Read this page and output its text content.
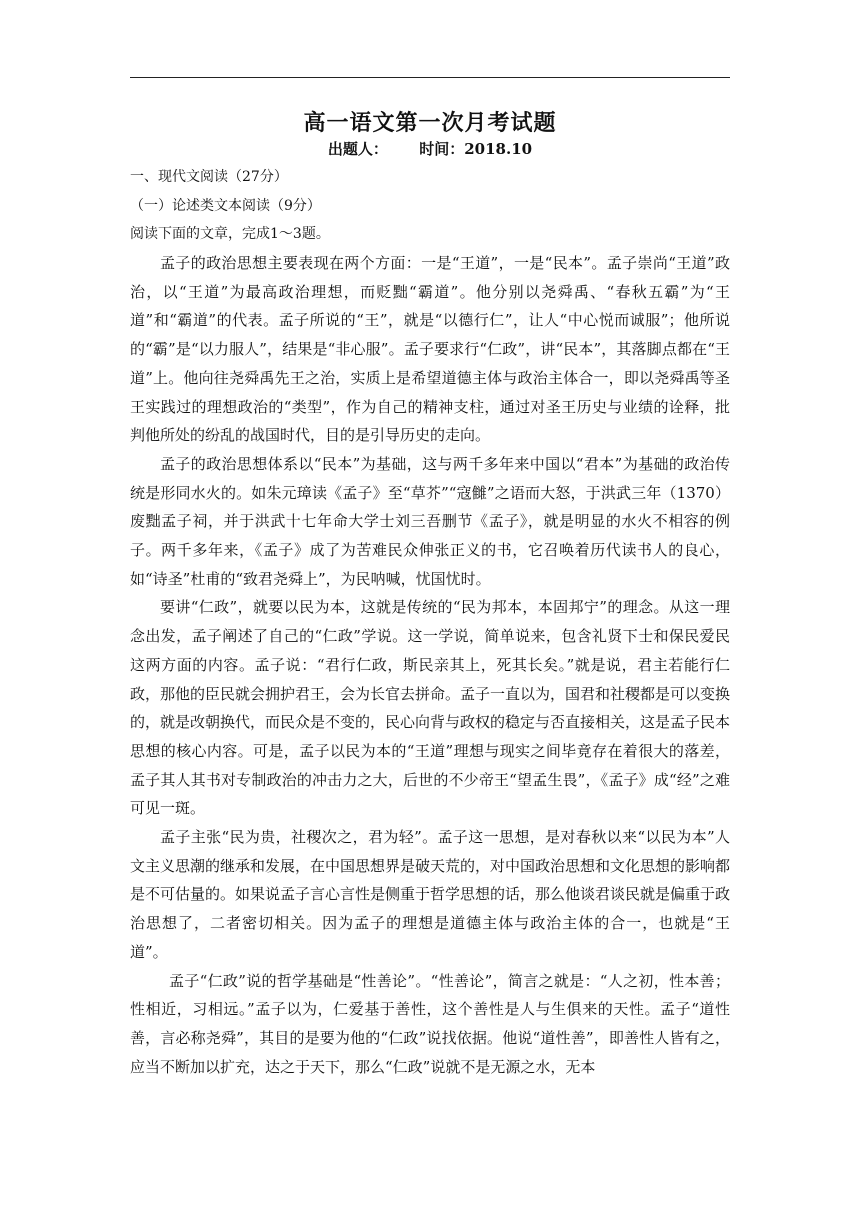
高一语文第一次月考试题
出题人：      时间：2018.10
一、现代文阅读（27分）
（一）论述类文本阅读（9分）
阅读下面的文章，完成1～3题。

孟子的政治思想主要表现在两个方面：一是“王道”，一是“民本”。孟子崇尚“王道”政治，以“王道”为最高政治理想，而贬黜“霸道”。他分别以尧舜禹、“春秋五霸”为“王道”和“霸道”的代表。孟子所说的“王”，就是“以德行仁”，让人“中心悦而诚服”；他所说的“霸”是“以力服人”，结果是“非心服”。孟子要求行“仁政”，讲“民本”，其落脚点都在“王道”上。他向往尧舜禹先王之治，实质上是希望道德主体与政治主体合一，即以尧舜禹等圣王实践过的理想政治的“类型”，作为自己的精神支柱，通过对圣王历史与业绩的诠释，批判他所处的纷乱的战国时代，目的是引导历史的走向。

孟子的政治思想体系以“民本”为基础，这与两千多年来中国以“君本”为基础的政治传统是形同水火的。如朱元璋读《孟子》至“草芥”“寇雠”之语而大怒，于洪武三年（1370）废黜孟子祠，并于洪武十七年命大学士刘三吾删节《孟子》，就是明显的水火不相容的例子。两千多年来，《孟子》成了为苦难民众伸张正义的书，它召唤着历代读书人的良心，如“诗圣”杜甫的“致君尧舜上”，为民呐喊，忧国忧时。

要讲“仁政”，就要以民为本，这就是传统的“民为邦本，本固邦宁”的理念。从这一理念出发，孟子阐述了自己的“仁政”学说。这一学说，简单说来，包含礼贤下士和保民爱民这两方面的内容。孟子说：“君行仁政，斯民亲其上，死其长矣。”就是说，君主若能行仁政，那他的臣民就会拥护君王，会为长官去拼命。孟子一直以为，国君和社稷都是可以变换的，就是改朝换代，而民众是不变的，民心向背与政权的稳定与否直接相关，这是孟子民本思想的核心内容。可是，孟子以民为本的“王道”理想与现实之间毕竟存在着很大的落差，孟子其人其书对专制政治的冲击力之大，后世的不少帝王“望孟生畏”，《孟子》成“经”之难可见一斑。

孟子主张“民为贵，社稷次之，君为轻”。孟子这一思想，是对春秋以来“以民为本”人文主义思潮的继承和发展，在中国思想界是破天荒的，对中国政治思想和文化思想的影响都是不可估量的。如果说孟子言心言性是侧重于哲学思想的话，那么他谈君谈民就是偏重于政治思想了，二者密切相关。因为孟子的理想是道德主体与政治主体的合一，也就是“王道”。

孟子“仁政”说的哲学基础是“性善论”。“性善论”，简言之就是：“人之初，性本善；性相近，习相远。”孟子以为，仁爱基于善性，这个善性是人与生俱来的天性。孟子“道性善，言必称尧舜”，其目的是要为他的“仁政”说找依据。他说“道性善”，即善性人皆有之，应当不断加以扩充，达之于天下，那么“仁政”说就不是无源之水，无本
